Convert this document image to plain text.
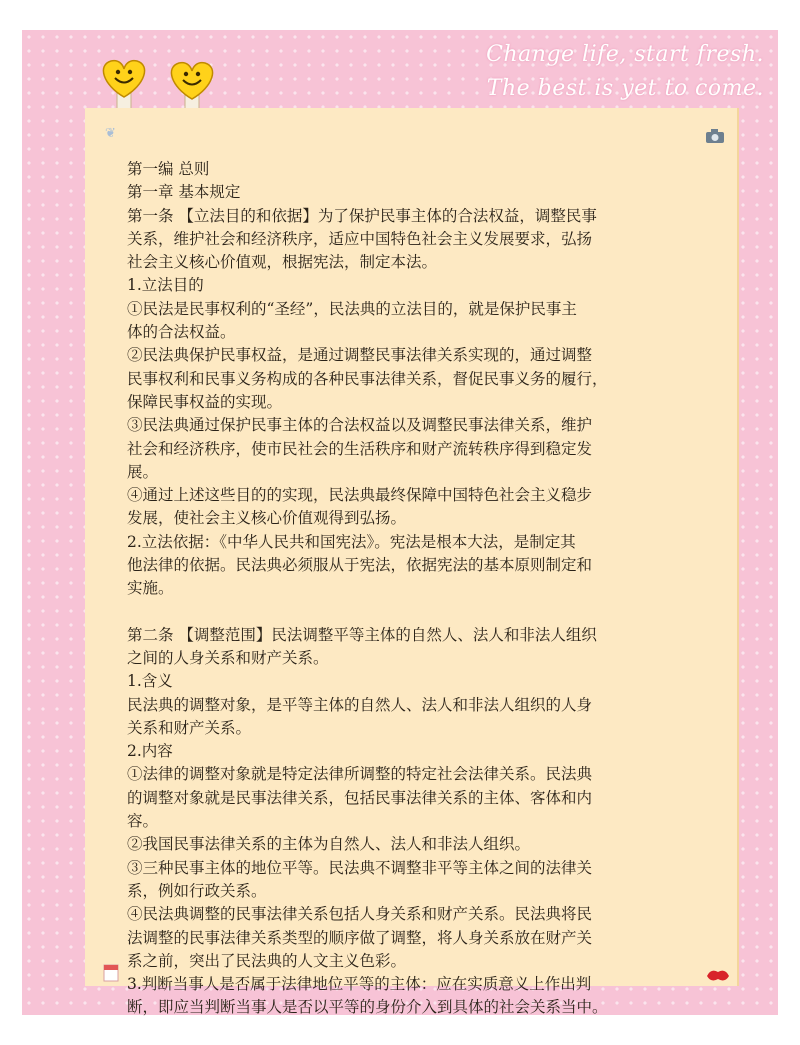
Change life, start fresh.
The best is yet to come.
❦

第一编 总则

第一章 基本规定

第一条 【立法目的和依据】为了保护民事主体的合法权益，调整民事
关系，维护社会和经济秩序，适应中国特色社会主义发展要求，弘扬
社会主义核心价值观，根据宪法，制定本法。

1.立法目的

①民法是民事权利的“圣经”，民法典的立法目的，就是保护民事主
体的合法权益。

②民法典保护民事权益，是通过调整民事法律关系实现的，通过调整
民事权利和民事义务构成的各种民事法律关系，督促民事义务的履行，
保障民事权益的实现。

③民法典通过保护民事主体的合法权益以及调整民事法律关系，维护
社会和经济秩序，使市民社会的生活秩序和财产流转秩序得到稳定发
展。

④通过上述这些目的的实现，民法典最终保障中国特色社会主义稳步
发展，使社会主义核心价值观得到弘扬。

2.立法依据：《中华人民共和国宪法》。宪法是根本大法，是制定其
他法律的依据。民法典必须服从于宪法，依据宪法的基本原则制定和
实施。

第二条 【调整范围】民法调整平等主体的自然人、法人和非法人组织
之间的人身关系和财产关系。

1.含义

民法典的调整对象，是平等主体的自然人、法人和非法人组织的人身
关系和财产关系。

2.内容

①法律的调整对象就是特定法律所调整的特定社会法律关系。民法典
的调整对象就是民事法律关系，包括民事法律关系的主体、客体和内
容。

②我国民事法律关系的主体为自然人、法人和非法人组织。

③三种民事主体的地位平等。民法典不调整非平等主体之间的法律关
系，例如行政关系。

④民法典调整的民事法律关系包括人身关系和财产关系。民法典将民
法调整的民事法律关系类型的顺序做了调整，将人身关系放在财产关
系之前，突出了民法典的人文主义色彩。

3.判断当事人是否属于法律地位平等的主体：应在实质意义上作出判
断，即应当判断当事人是否以平等的身份介入到具体的社会关系当中。
